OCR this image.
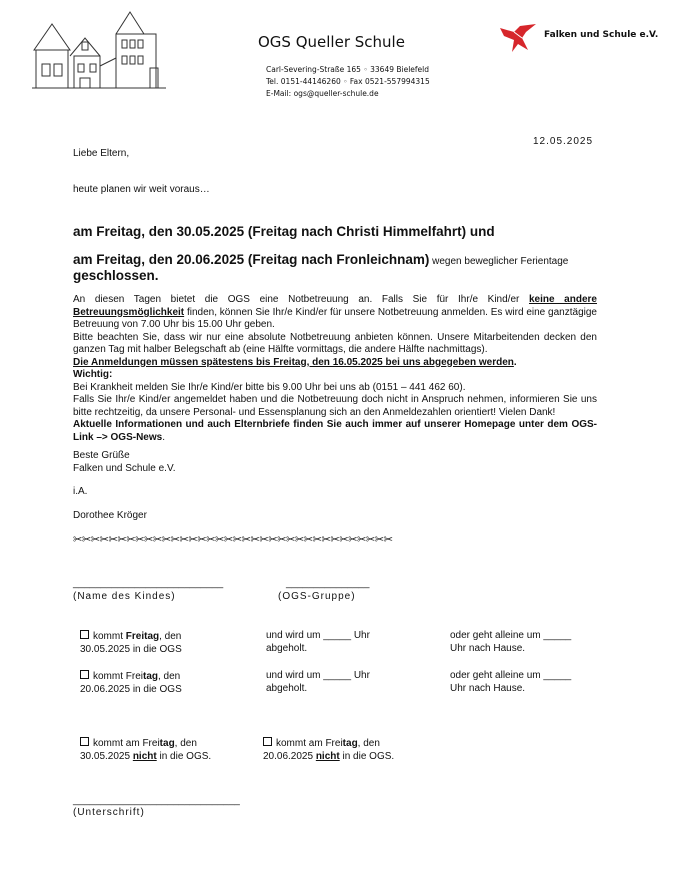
OGS Queller Schule
Carl-Severing-Straße 165 ◦ 33649 Bielefeld
Tel. 0151-44146260 ◦ Fax 0521-557994315
E-Mail: ogs@queller-schule.de
Falken und Schule e.V.
12.05.2025
Liebe Eltern,
heute planen wir weit voraus…
am Freitag, den 30.05.2025 (Freitag nach Christi Himmelfahrt) und
am Freitag, den 20.06.2025 (Freitag nach Fronleichnam) wegen beweglicher Ferientage
geschlossen.

An diesen Tagen bietet die OGS eine Notbetreuung an. Falls Sie für Ihr/e Kind/er keine andere Betreuungsmöglichkeit finden, können Sie Ihr/e Kind/er für unsere Notbetreuung anmelden. Es wird eine ganztägige Betreuung von 7.00 Uhr bis 15.00 Uhr geben.

Bitte beachten Sie, dass wir nur eine absolute Notbetreuung anbieten können. Unsere Mitarbeitenden decken den ganzen Tag mit halber Belegschaft ab (eine Hälfte vormittags, die andere Hälfte nachmittags).

Die Anmeldungen müssen spätestens bis Freitag, den 16.05.2025 bei uns abgegeben werden.

Wichtig:

Bei Krankheit melden Sie Ihr/e Kind/er bitte bis 9.00 Uhr bei uns ab (0151 – 441 462 60).

Falls Sie Ihr/e Kind/er angemeldet haben und die Notbetreuung doch nicht in Anspruch nehmen, informieren Sie uns bitte rechtzeitig, da unsere Personal- und Essensplanung sich an den Anmeldezahlen orientiert! Vielen Dank!

Aktuelle Informationen und auch Elternbriefe finden Sie auch immer auf unserer Homepage unter dem OGS-Link –> OGS-News.

Beste Grüße

Falken und Schule e.V.

i.A.
Dorothee Kröger
✂✂✂✂✂✂✂✂✂✂✂✂✂✂✂✂✂✂✂✂✂✂✂✂✂✂✂✂✂✂✂✂✂✂✂✂
___________________________
(Name des Kindes)
_______________
(OGS-Gruppe)

kommt Freitag, den

30.05.2025 in die OGS

und wird um _____ Uhr

abgeholt.

oder geht alleine um _____

Uhr nach Hause.

kommt Freitag, den

20.06.2025 in die OGS

und wird um _____ Uhr

abgeholt.

oder geht alleine um _____

Uhr nach Hause.

kommt am Freitag, den

30.05.2025 nicht in die OGS.

kommt am Freitag, den

20.06.2025 nicht in die OGS.

______________________________
(Unterschrift)
